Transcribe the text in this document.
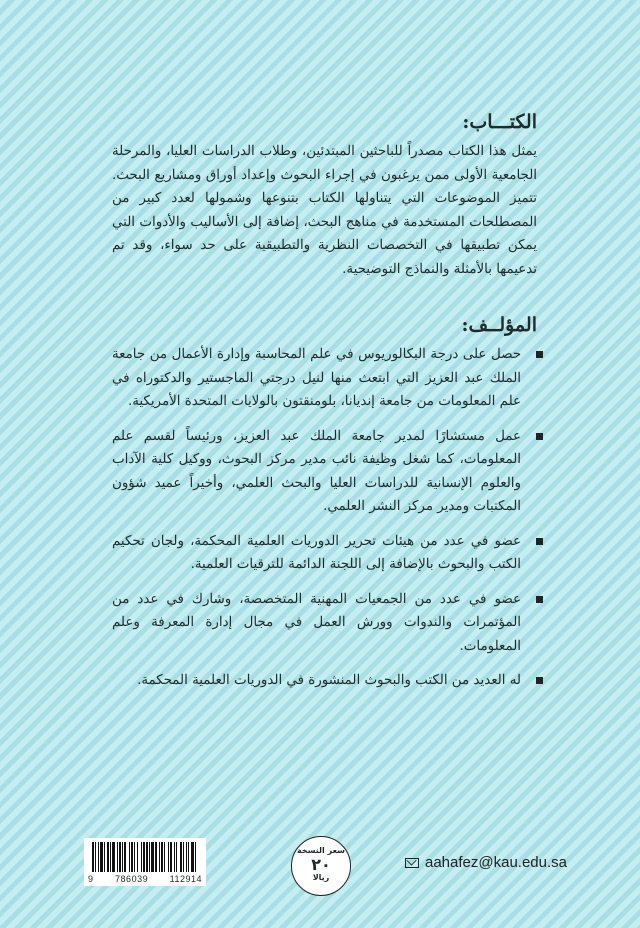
الكتـــاب:

يمثل هذا الكتاب مصدراً للباحثين المبتدئين، وطلاب الدراسات العليا، والمرحلة الجامعية الأولى ممن يرغبون في إجراء البحوث وإعداد أوراق ومشاريع البحث. تتميز الموضوعات التي يتناولها الكتاب بتنوعها وشمولها لعدد كبير من المصطلحات المستخدمة في مناهج البحث، إضافة إلى الأساليب والأدوات التي يمكن تطبيقها في التخصصات النظرية والتطبيقية على حد سواء، وقد تم تدعيمها بالأمثلة والنماذج التوضيحية.

المؤلــف:
حصل على درجة البكالوريوس في علم المحاسبة وإدارة الأعمال من جامعة الملك عبد العزيز التي ابتعث منها لنيل درجتي الماجستير والدكتوراه في علم المعلومات من جامعة إنديانا، بلومنقتون بالولايات المتحدة الأمريكية.
عمل مستشارًا لمدير جامعة الملك عبد العزيز، ورئيساً لقسم علم المعلومات، كما شغل وظيفة نائب مدير مركز البحوث، ووكيل كلية الآداب والعلوم الإنسانية للدراسات العليا والبحث العلمي، وأخيراً عميد شؤون المكتبات ومدير مركز النشر العلمي.
عضو في عدد من هيئات تحرير الدوريات العلمية المحكمة، ولجان تحكيم الكتب والبحوث بالإضافة إلى اللجنة الدائمة للترقيات العلمية.
عضو في عدد من الجمعيات المهنية المتخصصة، وشارك في عدد من المؤتمرات والندوات وورش العمل في مجال إدارة المعرفة وعلم المعلومات.
له العديد من الكتب والبحوث المنشورة في الدوريات العلمية المحكمة.
9 786039 112914
سعر النسخة
٢٠
ريالا
aahafez@kau.edu.sa
